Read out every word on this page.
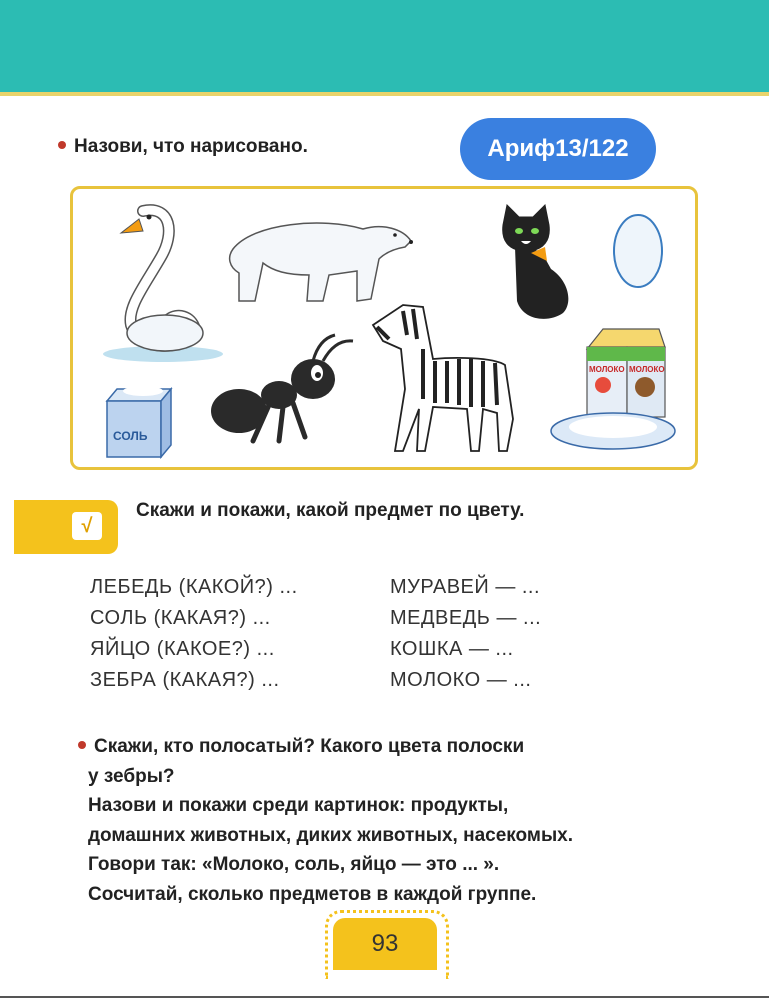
Назови, что нарисовано.	Ариф13/122
СОЛЬ
МОЛОКО МОЛОКО
√
Скажи и покажи, какой предмет по цвету.
ЛЕБЕДЬ (КАКОЙ?) ...
СОЛЬ (КАКАЯ?) ...
ЯЙЦО (КАКОЕ?) ...
ЗЕБРА (КАКАЯ?) ...
МУРАВЕЙ — ...
МЕДВЕДЬ — ...
КОШКА — ...
МОЛОКО — ...
Скажи, кто полосатый? Какого цвета полоски
у зебры?
Назови и покажи среди картинок: продукты,
домашних животных, диких животных, насекомых.
Говори так: «Молоко, соль, яйцо — это ... ».
Сосчитай, сколько предметов в каждой группе.
93
